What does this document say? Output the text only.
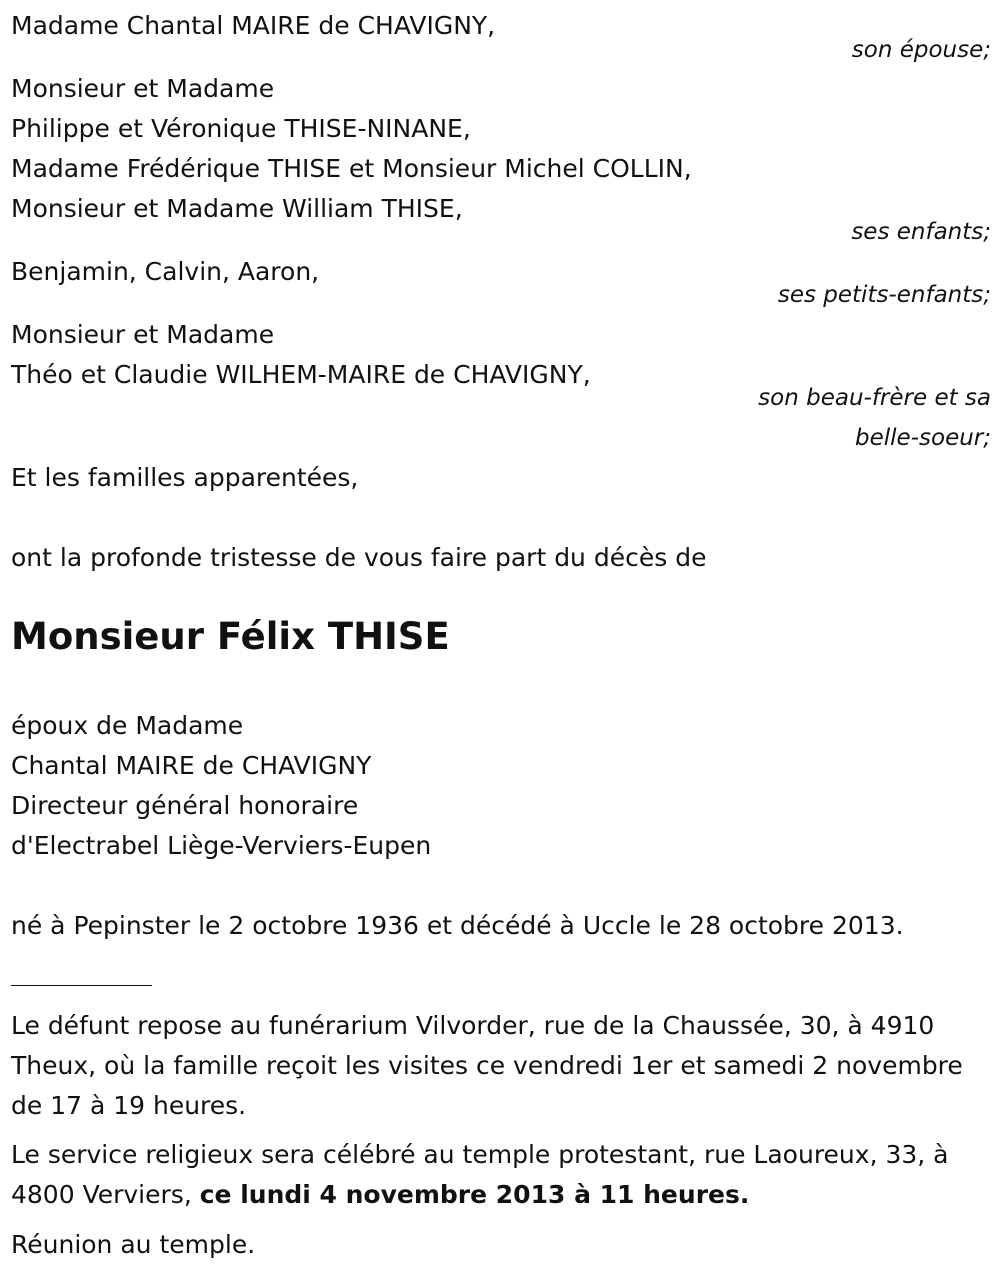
Madame Chantal MAIRE de CHAVIGNY,

son épouse;

Monsieur et Madame

Philippe et Véronique THISE-NINANE,

Madame Frédérique THISE et Monsieur Michel COLLIN,

Monsieur et Madame William THISE,

ses enfants;

Benjamin, Calvin, Aaron,

ses petits-enfants;

Monsieur et Madame

Théo et Claudie WILHEM-MAIRE de CHAVIGNY,

son beau-frère et sa

belle-soeur;

Et les familles apparentées,

ont la profonde tristesse de vous faire part du décès de

Monsieur Félix THISE

époux de Madame

Chantal MAIRE de CHAVIGNY

Directeur général honoraire

d'Electrabel Liège-Verviers-Eupen

né à Pepinster le 2 octobre 1936 et décédé à Uccle le 28 octobre 2013.

Le défunt repose au funérarium Vilvorder, rue de la Chaussée, 30, à 4910 Theux, où la famille reçoit les visites ce vendredi 1er et samedi 2 novembre de 17 à 19 heures.

Le service religieux sera célébré au temple protestant, rue Laoureux, 33, à 4800 Verviers, ce lundi 4 novembre 2013 à 11 heures.

Réunion au temple.
